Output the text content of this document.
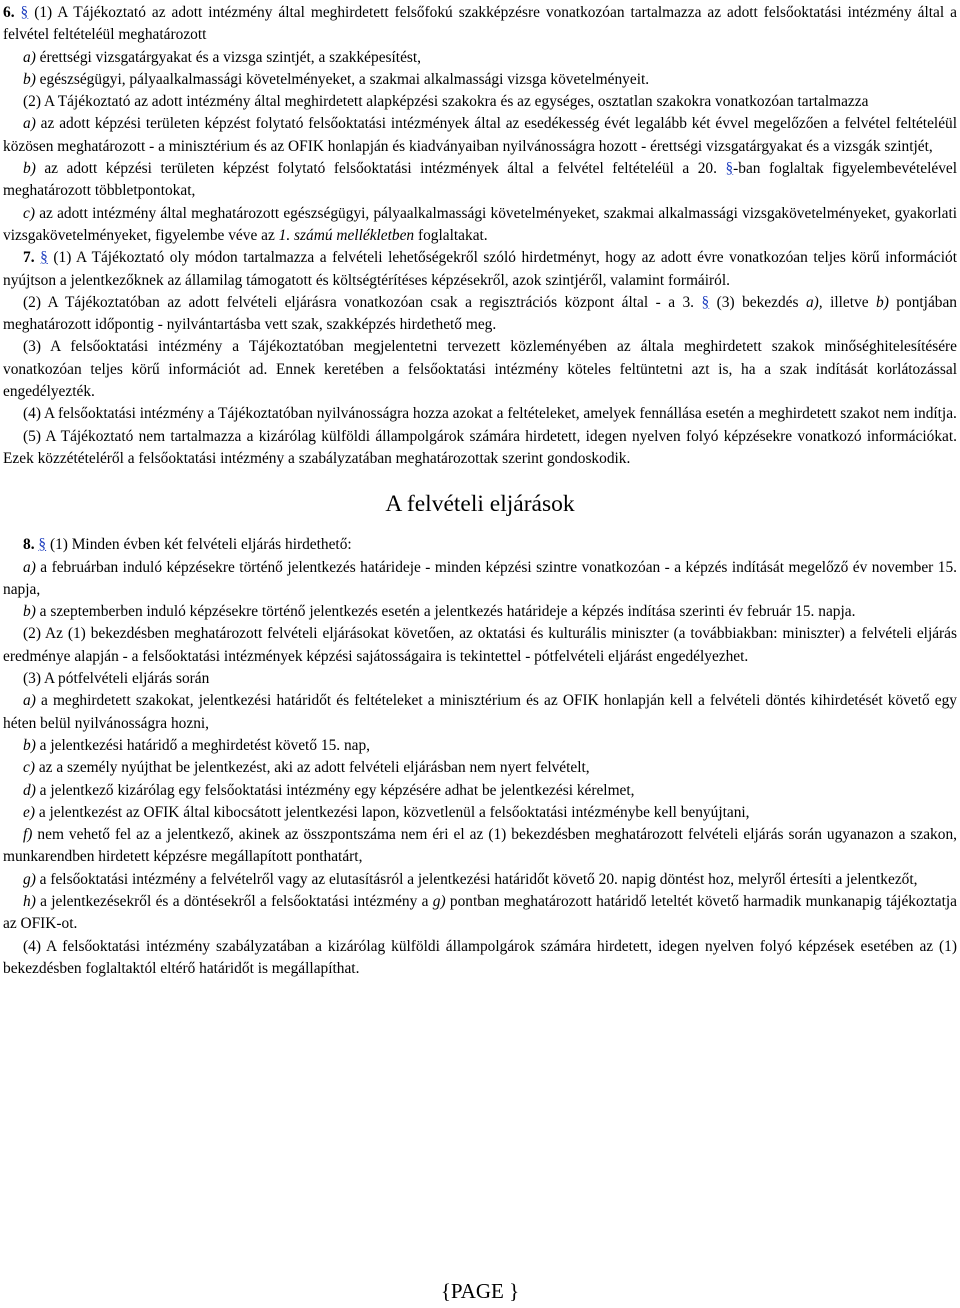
6. § (1) A Tájékoztató az adott intézmény által meghirdetett felsőfokú szakképzésre vonatkozóan tartalmazza az adott felsőoktatási intézmény által a felvétel feltételéül meghatározott

a) érettségi vizsgatárgyakat és a vizsga szintjét, a szakképesítést,

b) egészségügyi, pályaalkalmassági követelményeket, a szakmai alkalmassági vizsga követelményeit.

(2) A Tájékoztató az adott intézmény által meghirdetett alapképzési szakokra és az egységes, osztatlan szakokra vonatkozóan tartalmazza

a) az adott képzési területen képzést folytató felsőoktatási intézmények által az esedékesség évét legalább két évvel megelőzően a felvétel feltételéül közösen meghatározott - a minisztérium és az OFIK honlapján és kiadványaiban nyilvánosságra hozott - érettségi vizsgatárgyakat és a vizsgák szintjét,

b) az adott képzési területen képzést folytató felsőoktatási intézmények által a felvétel feltételéül a 20. §-ban foglaltak figyelembevételével meghatározott többletpontokat,

c) az adott intézmény által meghatározott egészségügyi, pályaalkalmassági követelményeket, szakmai alkalmassági vizsgakövetelményeket, gyakorlati vizsgakövetelményeket, figyelembe véve az 1. számú mellékletben foglaltakat.

7. § (1) A Tájékoztató oly módon tartalmazza a felvételi lehetőségekről szóló hirdetményt, hogy az adott évre vonatkozóan teljes körű információt nyújtson a jelentkezőknek az államilag támogatott és költségtérítéses képzésekről, azok szintjéről, valamint formáiról.

(2) A Tájékoztatóban az adott felvételi eljárásra vonatkozóan csak a regisztrációs központ által - a 3. § (3) bekezdés a), illetve b) pontjában meghatározott időpontig - nyilvántartásba vett szak, szakképzés hirdethető meg.

(3) A felsőoktatási intézmény a Tájékoztatóban megjelentetni tervezett közleményében az általa meghirdetett szakok minőséghitelesítésére vonatkozóan teljes körű információt ad. Ennek keretében a felsőoktatási intézmény köteles feltüntetni azt is, ha a szak indítását korlátozással engedélyezték.

(4) A felsőoktatási intézmény a Tájékoztatóban nyilvánosságra hozza azokat a feltételeket, amelyek fennállása esetén a meghirdetett szakot nem indítja.

(5) A Tájékoztató nem tartalmazza a kizárólag külföldi állampolgárok számára hirdetett, idegen nyelven folyó képzésekre vonatkozó információkat. Ezek közzétételéről a felsőoktatási intézmény a szabályzatában meghatározottak szerint gondoskodik.

A felvételi eljárások

8. § (1) Minden évben két felvételi eljárás hirdethető:

a) a februárban induló képzésekre történő jelentkezés határideje - minden képzési szintre vonatkozóan - a képzés indítását megelőző év november 15. napja,

b) a szeptemberben induló képzésekre történő jelentkezés esetén a jelentkezés határideje a képzés indítása szerinti év február 15. napja.

(2) Az (1) bekezdésben meghatározott felvételi eljárásokat követően, az oktatási és kulturális miniszter (a továbbiakban: miniszter) a felvételi eljárás eredménye alapján - a felsőoktatási intézmények képzési sajátosságaira is tekintettel - pótfelvételi eljárást engedélyezhet.

(3) A pótfelvételi eljárás során

a) a meghirdetett szakokat, jelentkezési határidőt és feltételeket a minisztérium és az OFIK honlapján kell a felvételi döntés kihirdetését követő egy héten belül nyilvánosságra hozni,

b) a jelentkezési határidő a meghirdetést követő 15. nap,

c) az a személy nyújthat be jelentkezést, aki az adott felvételi eljárásban nem nyert felvételt,

d) a jelentkező kizárólag egy felsőoktatási intézmény egy képzésére adhat be jelentkezési kérelmet,

e) a jelentkezést az OFIK által kibocsátott jelentkezési lapon, közvetlenül a felsőoktatási intézménybe kell benyújtani,

f) nem vehető fel az a jelentkező, akinek az összpontszáma nem éri el az (1) bekezdésben meghatározott felvételi eljárás során ugyanazon a szakon, munkarendben hirdetett képzésre megállapított ponthatárt,

g) a felsőoktatási intézmény a felvételről vagy az elutasításról a jelentkezési határidőt követő 20. napig döntést hoz, melyről értesíti a jelentkezőt,

h) a jelentkezésekről és a döntésekről a felsőoktatási intézmény a g) pontban meghatározott határidő leteltét követő harmadik munkanapig tájékoztatja az OFIK-ot.

(4) A felsőoktatási intézmény szabályzatában a kizárólag külföldi állampolgárok számára hirdetett, idegen nyelven folyó képzések esetében az (1) bekezdésben foglaltaktól eltérő határidőt is megállapíthat.

{PAGE }
